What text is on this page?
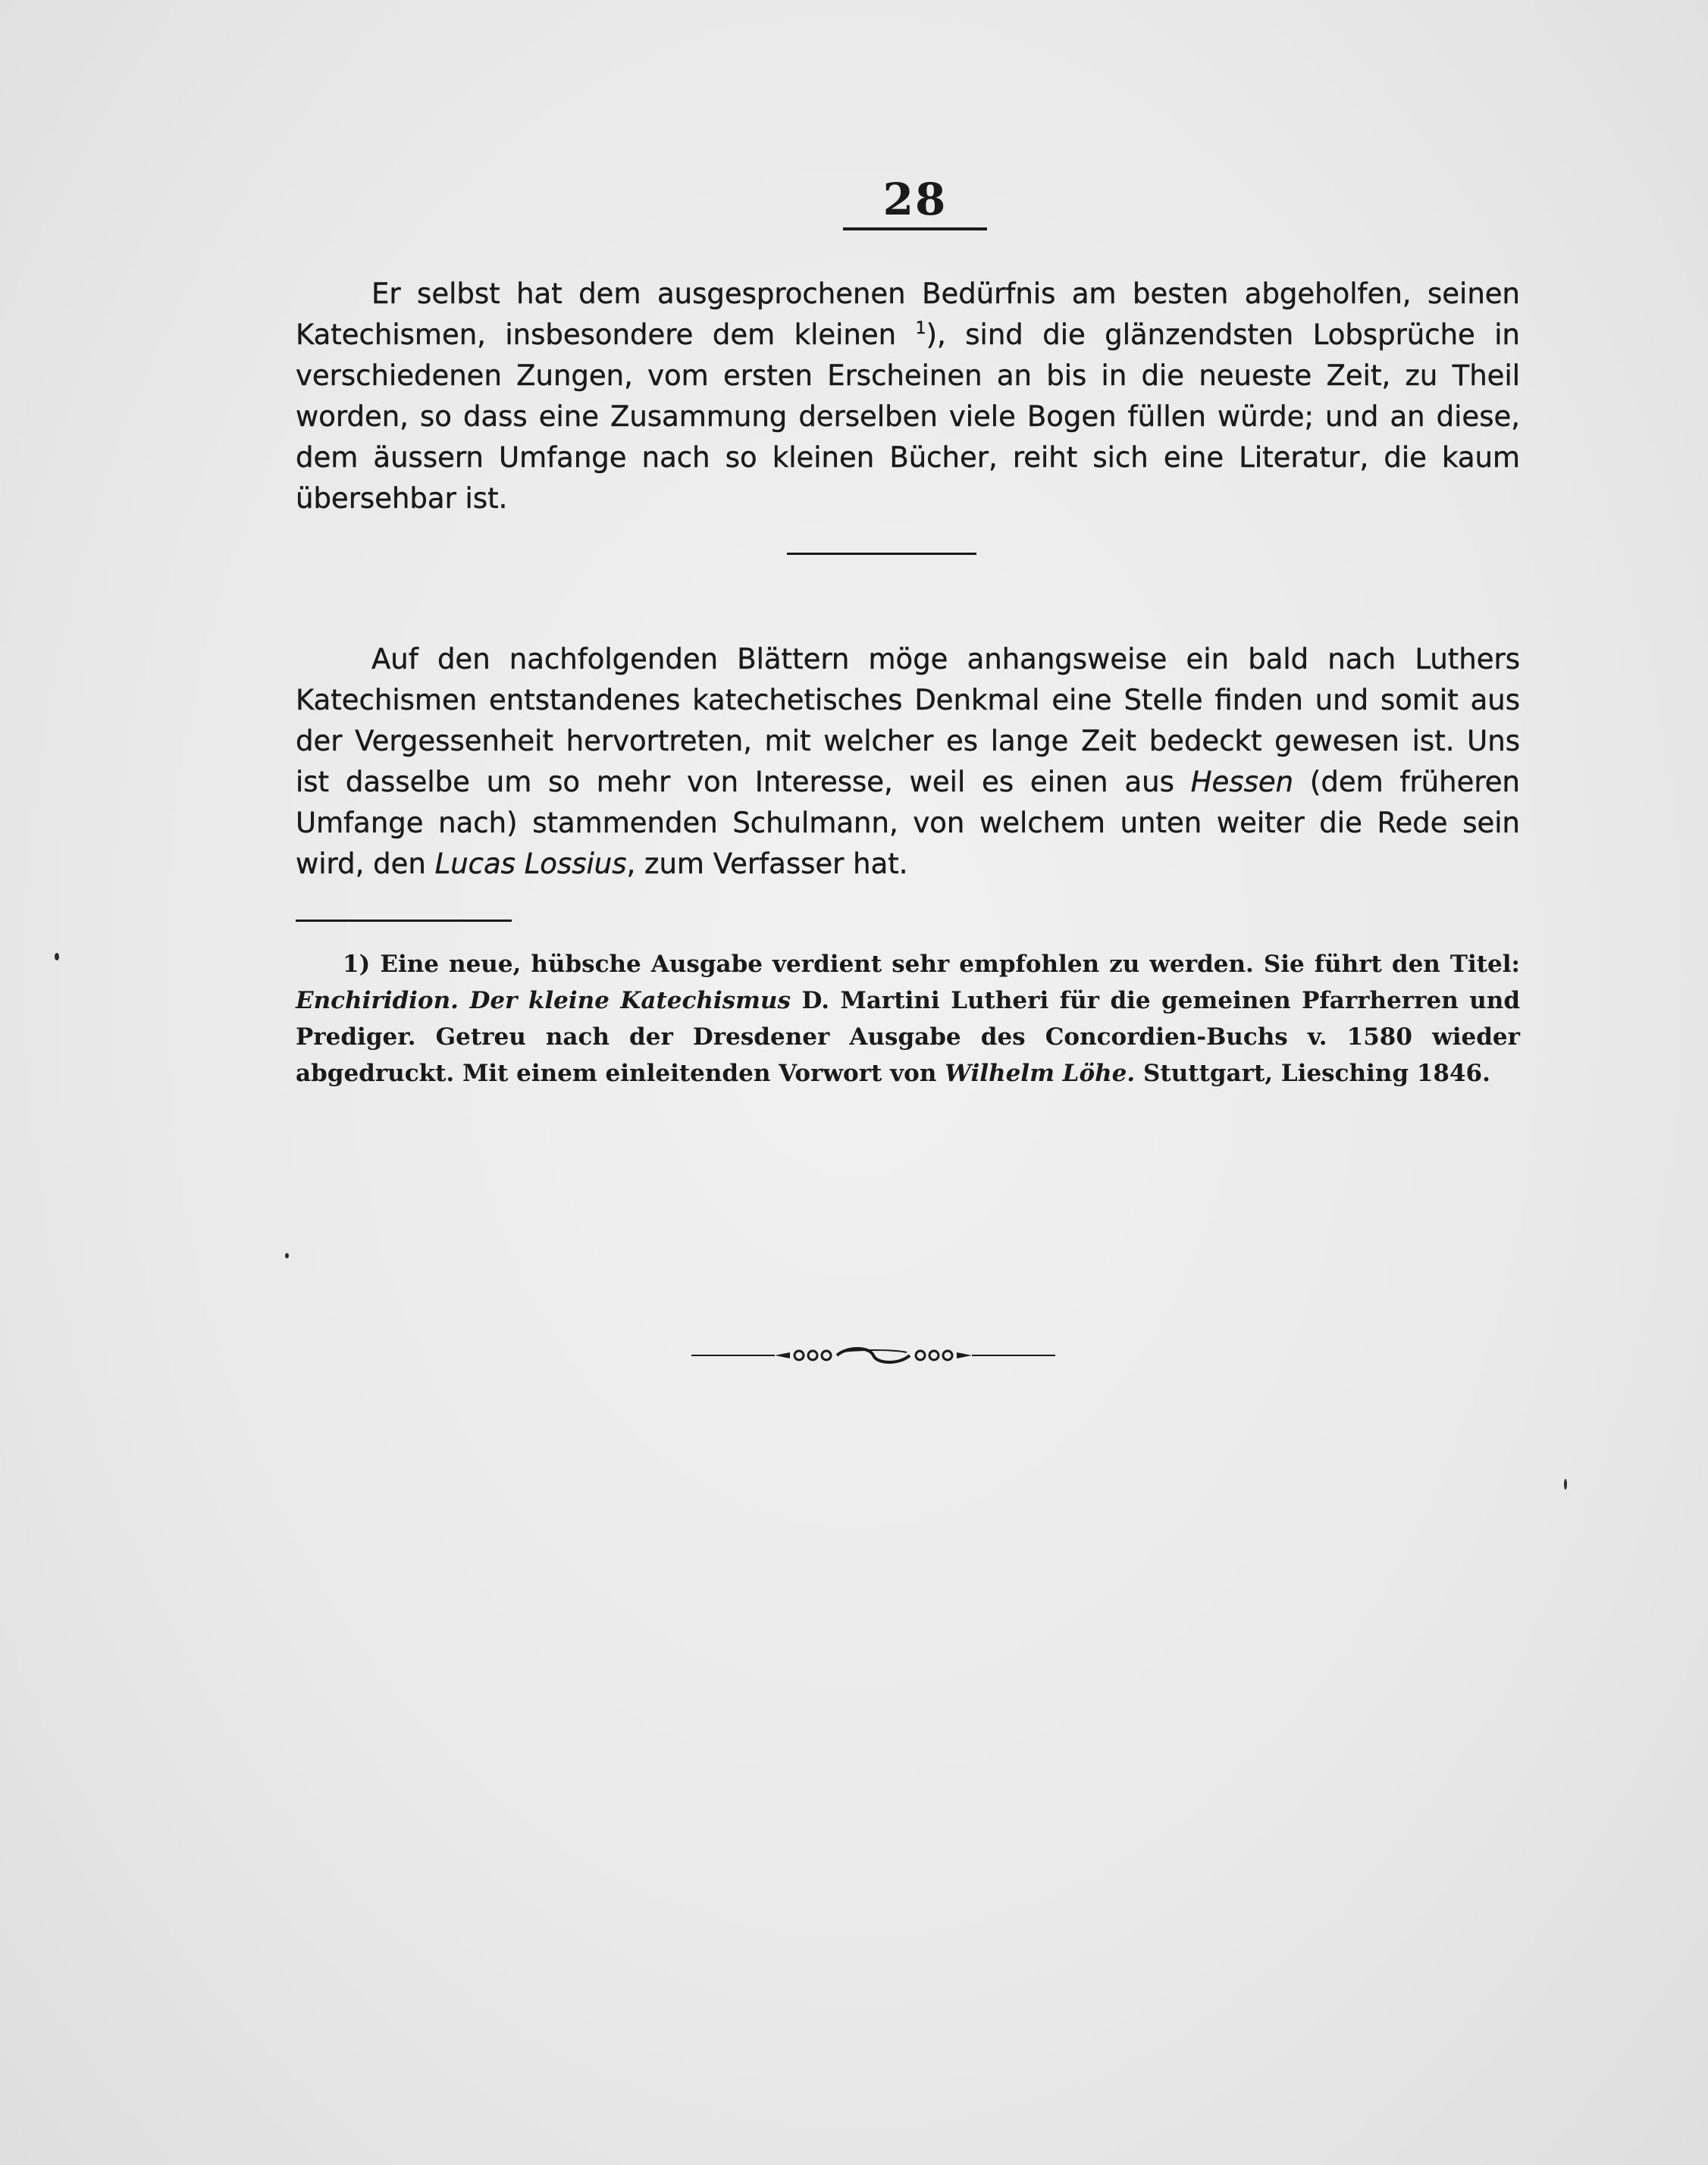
28
Er selbst hat dem ausgesprochenen Bedürfnis am besten abgeholfen, seinen Katechismen, insbesondere dem kleinen $^1$), sind die glänzendsten Lobsprüche in verschiedenen Zungen, vom ersten Erscheinen an bis in die neueste Zeit, zu Theil worden, so dass eine Zusammung derselben viele Bogen füllen würde; und an diese, dem äussern Umfange nach so kleinen Bücher, reiht sich eine Literatur, die kaum übersehbar ist.
Auf den nachfolgenden Blättern möge anhangsweise ein bald nach Luthers Katechismen entstandenes katechetisches Denkmal eine Stelle finden und somit aus der Vergessenheit hervortreten, mit welcher es lange Zeit bedeckt gewesen ist. Uns ist dasselbe um so mehr von Interesse, weil es einen aus Hessen (dem früheren Umfange nach) stammenden Schulmann, von welchem unten weiter die Rede sein wird, den Lucas Lossius, zum Verfasser hat.
1) Eine neue, hübsche Ausgabe verdient sehr empfohlen zu werden. Sie führt den Titel: Enchiridion. Der kleine Katechismus D. Martini Lutheri für die gemeinen Pfarrherren und Prediger. Getreu nach der Dresdener Ausgabe des Concordien-Buchs v. 1580 wieder abgedruckt. Mit einem einleitenden Vorwort von Wilhelm Löhe. Stuttgart, Liesching 1846.
